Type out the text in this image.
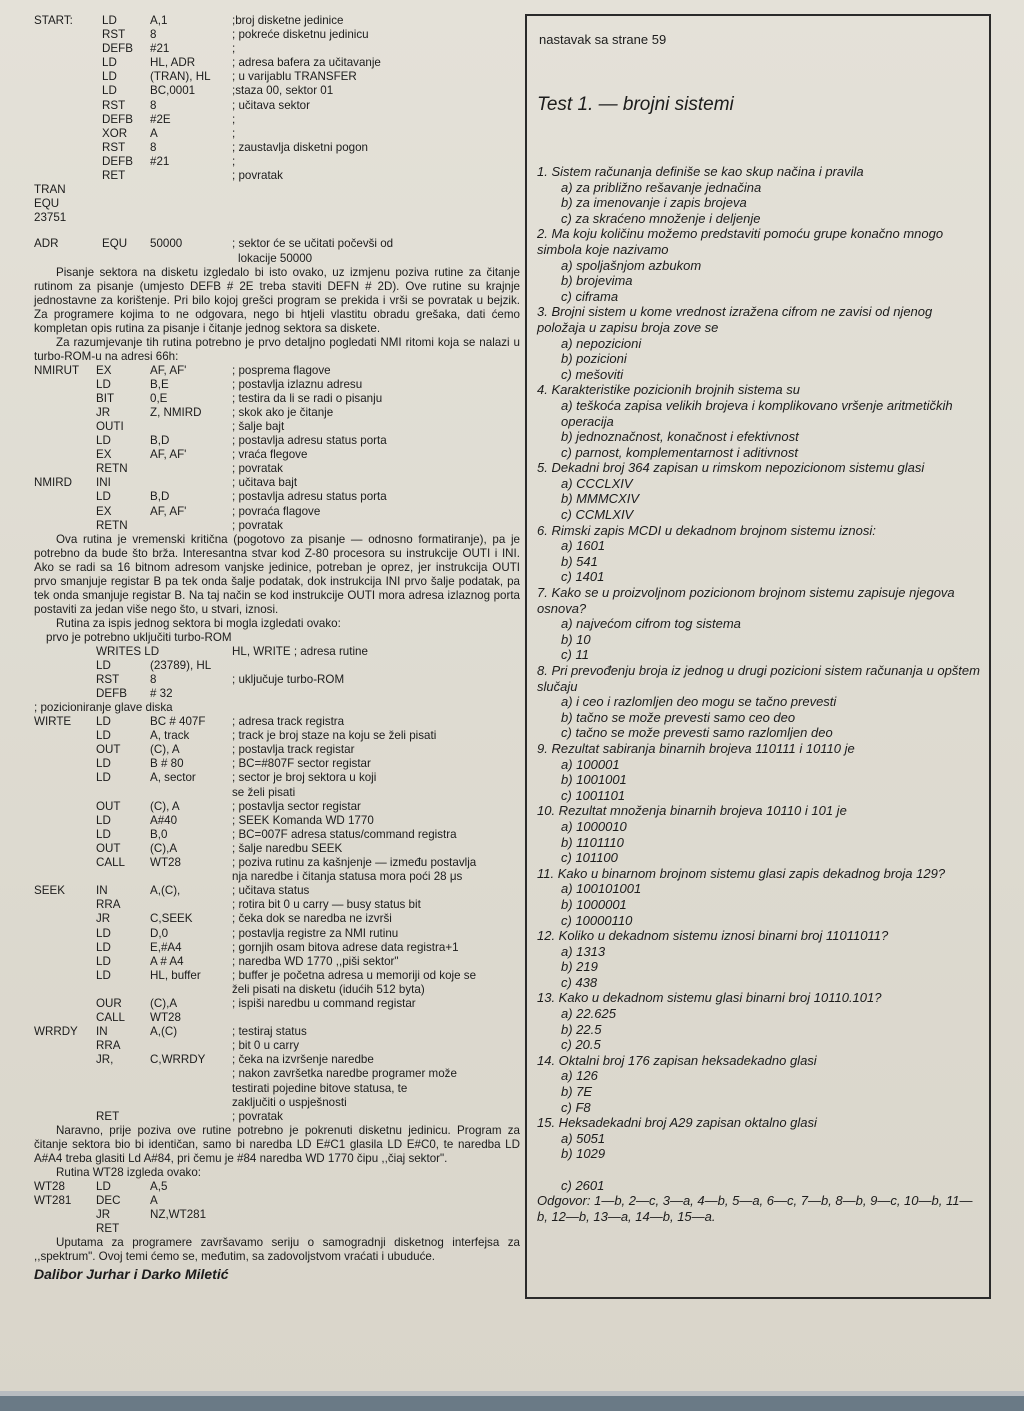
START:	LD	A,1	;broj disketne jedinice
RST 8	; pokreće disketnu jedinicu
DEFB #21	;
LD	HL, ADR	; adresa bafera za učitavanje
LD	(TRAN), HL ; u varijablu TRANSFER
LD	BC,0001	;staza 00, sektor 01
RST 8	; učitava sektor
DEFB #2E	;
XOR A	;
RST 8	; zaustavlja disketni pogon
DEFB #21	;
RET	; povratak
TRAN
EQU
23751
ADR	EQU 50000	; sektor će se učitati počevši od
lokacije 50000

Pisanje sektora na disketu izgledalo bi isto ovako, uz izmjenu poziva rutine za čitanje rutinom za pisanje (umjesto DEFB # 2E treba staviti DEFN # 2D). Ove rutine su krajnje jednostavne za korištenje. Pri bilo kojoj grešci program se prekida i vrši se povratak u bejzik. Za programere kojima to ne odgovara, nego bi htjeli vlastitu obradu grešaka, dati ćemo kompletan opis rutina za pisanje i čitanje jednog sektora sa diskete.

Za razumjevanje tih rutina potrebno je prvo detaljno pogledati NMI ritomi koja se nalazi u turbo-ROM-u na adresi 66h:

NMIRUT EX	AF, AF'	; posprema flagove
LD	B,E	; postavlja izlaznu adresu
BIT	0,E	; testira da li se radi o pisanju
JR	Z, NMIRD	; skok ako je čitanje
OUTI	; šalje bajt
LD	B,D	; postavlja adresu status porta
EX	AF, AF'	; vraća flegove
RETN	; povratak
NMIRD INI	; učitava bajt
LD	B,D	; postavlja adresu status porta
EX	AF, AF'	; povraća flagove
RETN	; povratak

Ova rutina je vremenski kritična (pogotovo za pisanje — odnosno formatiranje), pa je potrebno da bude što brža. Interesantna stvar kod Z-80 procesora su instrukcije OUTI i INI. Ako se radi sa 16 bitnom adresom vanjske jedinice, potreban je oprez, jer instrukcija OUTI prvo smanjuje registar B pa tek onda šalje podatak, dok instrukcija INI prvo šalje podatak, pa tek onda smanjuje registar B. Na taj način se kod instrukcije OUTI mora adresa izlaznog porta postaviti za jedan više nego što, u stvari, iznosi.

Rutina za ispis jednog sektora bi mogla izgledati ovako:

prvo je potrebno uključiti turbo-ROM

WRITES LD	HL, WRITE ; adresa rutine
LD	(23789), HL
RST	8	; uključuje turbo-ROM
DEFB # 32

; pozicioniranje glave diska

WIRTE LD	BC # 407F ; adresa track registra
LD	A, track	; track je broj staze na koju se želi pisati
OUT	(C), A	; postavlja track registar
LD	B # 80	; BC=#807F sector registar
LD	A, sector	; sector je broj sektora u koji
se želi pisati
OUT	(C), A	; postavlja sector registar
LD	A#40	; SEEK Komanda WD 1770
LD	B,0	; BC=007F adresa status/command registra
OUT	(C),A	; šalje naredbu SEEK
CALL WT28	; poziva rutinu za kašnjenje — između postavlja
nja naredbe i čitanja statusa mora poći 28 μs
SEEK	IN	A,(C),	; učitava status
RRA	; rotira bit 0 u carry — busy status bit
JR	C,SEEK	; čeka dok se naredba ne izvrši
LD	D,0	; postavlja registre za NMI rutinu
LD	E,#A4	; gornjih osam bitova adrese data registra+1
LD	A # A4	; naredba WD 1770 ,,piši sektor"
LD	HL, buffer	; buffer je početna adresa u memoriji od koje se
želi pisati na disketu (idućih 512 byta)
OUR (C),A	; ispiši naredbu u command registar
CALL WT28
WRRDY IN	A,(C)	; testiraj status
RRA	; bit 0 u carry
JR,	C,WRRDY ; čeka na izvršenje naredbe
; nakon završetka naredbe programer može
testirati pojedine bitove statusa, te
zaključiti o uspješnosti
RET	; povratak

Naravno, prije poziva ove rutine potrebno je pokrenuti disketnu jedinicu. Program za čitanje sektora bio bi identičan, samo bi naredba LD E#C1 glasila LD E#C0, te naredba LD A#A4 treba glasiti Ld A#84, pri čemu je #84 naredba WD 1770 čipu ,,čiaj sektor".

Rutina WT28 izgleda ovako:

WT28	LD	A,5
WT281 DEC	A
JR	NZ,WT281
RET

Uputama za programere završavamo seriju o samogradnji disketnog interfejsa za ,,spektrum". Ovoj temi ćemo se, međutim, sa zadovoljstvom vraćati i ubuduće.

Dalibor Jurhar i Darko Miletić
nastavak sa strane 59
Test 1. — brojni sistemi

1. Sistem računanja definiše se kao skup načina i pravila

a) za približno rešavanje jednačina

b) za imenovanje i zapis brojeva

c) za skraćeno množenje i deljenje

2. Ma koju količinu možemo predstaviti pomoću grupe konačno mnogo simbola koje nazivamo

a) spoljašnjom azbukom

b) brojevima

c) ciframa

3. Brojni sistem u kome vrednost izražena cifrom ne zavisi od njenog položaja u zapisu broja zove se

a) nepozicioni

b) pozicioni

c) mešoviti

4. Karakteristike pozicionih brojnih sistema su

a) teškoća zapisa velikih brojeva i komplikovano vršenje aritmetičkih operacija

b) jednoznačnost, konačnost i efektivnost

c) parnost, komplementarnost i aditivnost

5. Dekadni broj 364 zapisan u rimskom nepozicionom sistemu glasi

a) CCCLXIV

b) MMMCXIV

c) CCMLXIV

6. Rimski zapis MCDI u dekadnom brojnom sistemu iznosi:

a) 1601

b) 541

c) 1401

7. Kako se u proizvoljnom pozicionom brojnom sistemu zapisuje njegova osnova?

a) najvećom cifrom tog sistema

b) 10

c) 11

8. Pri prevođenju broja iz jednog u drugi pozicioni sistem računanja u opštem slučaju

a) i ceo i razlomljen deo mogu se tačno prevesti

b) tačno se može prevesti samo ceo deo

c) tačno se može prevesti samo razlomljen deo

9. Rezultat sabiranja binarnih brojeva 110111 i 10110 je

a) 100001

b) 1001001

c) 1001101

10. Rezultat množenja binarnih brojeva 10110 i 101 je

a) 1000010

b) 1101110

c) 101100

11. Kako u binarnom brojnom sistemu glasi zapis dekadnog broja 129?

a) 100101001

b) 1000001

c) 10000110

12. Koliko u dekadnom sistemu iznosi binarni broj 11011011?

a) 1313

b) 219

c) 438

13. Kako u dekadnom sistemu glasi binarni broj 10110.101?

a) 22.625

b) 22.5

c) 20.5

14. Oktalni broj 176 zapisan heksadekadno glasi

a) 126

b) 7E

c) F8

15. Heksadekadni broj A29 zapisan oktalno glasi

a) 5051

b) 1029

c) 2601

Odgovor: 1—b, 2—c, 3—a, 4—b, 5—a, 6—c, 7—b, 8—b, 9—c, 10—b, 11—b, 12—b, 13—a, 14—b, 15—a.
